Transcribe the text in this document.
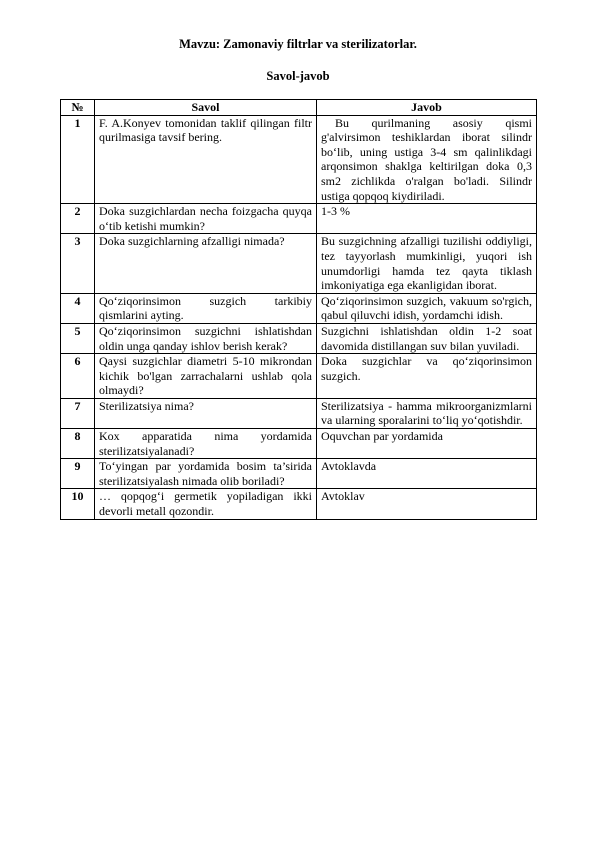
Mavzu: Zamonaviy filtrlar va sterilizatorlar.
Savol-javob
№	Savol	Javob
1	F. A.Konyev tomonidan taklif qilingan filtr qurilmasiga tavsif bering.	Bu qurilmaning asosiy qismi g'alvirsimon teshiklardan iborat silindr bo‘lib, uning ustiga 3-4 sm qalinlikdagi arqonsimon shaklga keltirilgan doka 0,3 sm2 zichlikda o'ralgan bo'ladi. Silindr ustiga qopqoq kiydiriladi.
2	Doka suzgichlardan necha foizgacha quyqa o‘tib ketishi mumkin?	1-3 %
3	Doka suzgichlarning afzalligi nimada?	Bu suzgichning afzalligi tuzilishi oddiyligi, tez tayyorlash mumkinligi, yuqori ish unumdorligi hamda tez qayta tiklash imkoniyatiga ega ekanligidan iborat.
4	Qo‘ziqorinsimon suzgich tarkibiy qismlarini ayting.	Qo‘ziqorinsimon suzgich, vakuum so'rgich, qabul qiluvchi idish, yordamchi idish.
5	Qo‘ziqorinsimon suzgichni ishlatishdan oldin unga qanday ishlov berish kerak?	Suzgichni ishlatishdan oldin 1-2 soat davomida distillangan suv bilan yuviladi.
6	Qaysi suzgichlar diametri 5-10 mikrondan kichik bo'lgan zarrachalarni ushlab qola olmaydi?	Doka suzgichlar va qo‘ziqorinsimon suzgich.
7	Sterilizatsiya nima?	Sterilizatsiya - hamma mikroorganizmlarni va ularning sporalarini to‘liq yo‘qotishdir.
8	Kox apparatida nima yordamida sterilizatsiyalanadi?	Oquvchan par yordamida
9	To‘yingan par yordamida bosim ta’sirida sterilizatsiyalash nimada olib boriladi?	Avtoklavda
10	… qopqog‘i germetik yopiladigan ikki devorli metall qozondir.	Avtoklav
